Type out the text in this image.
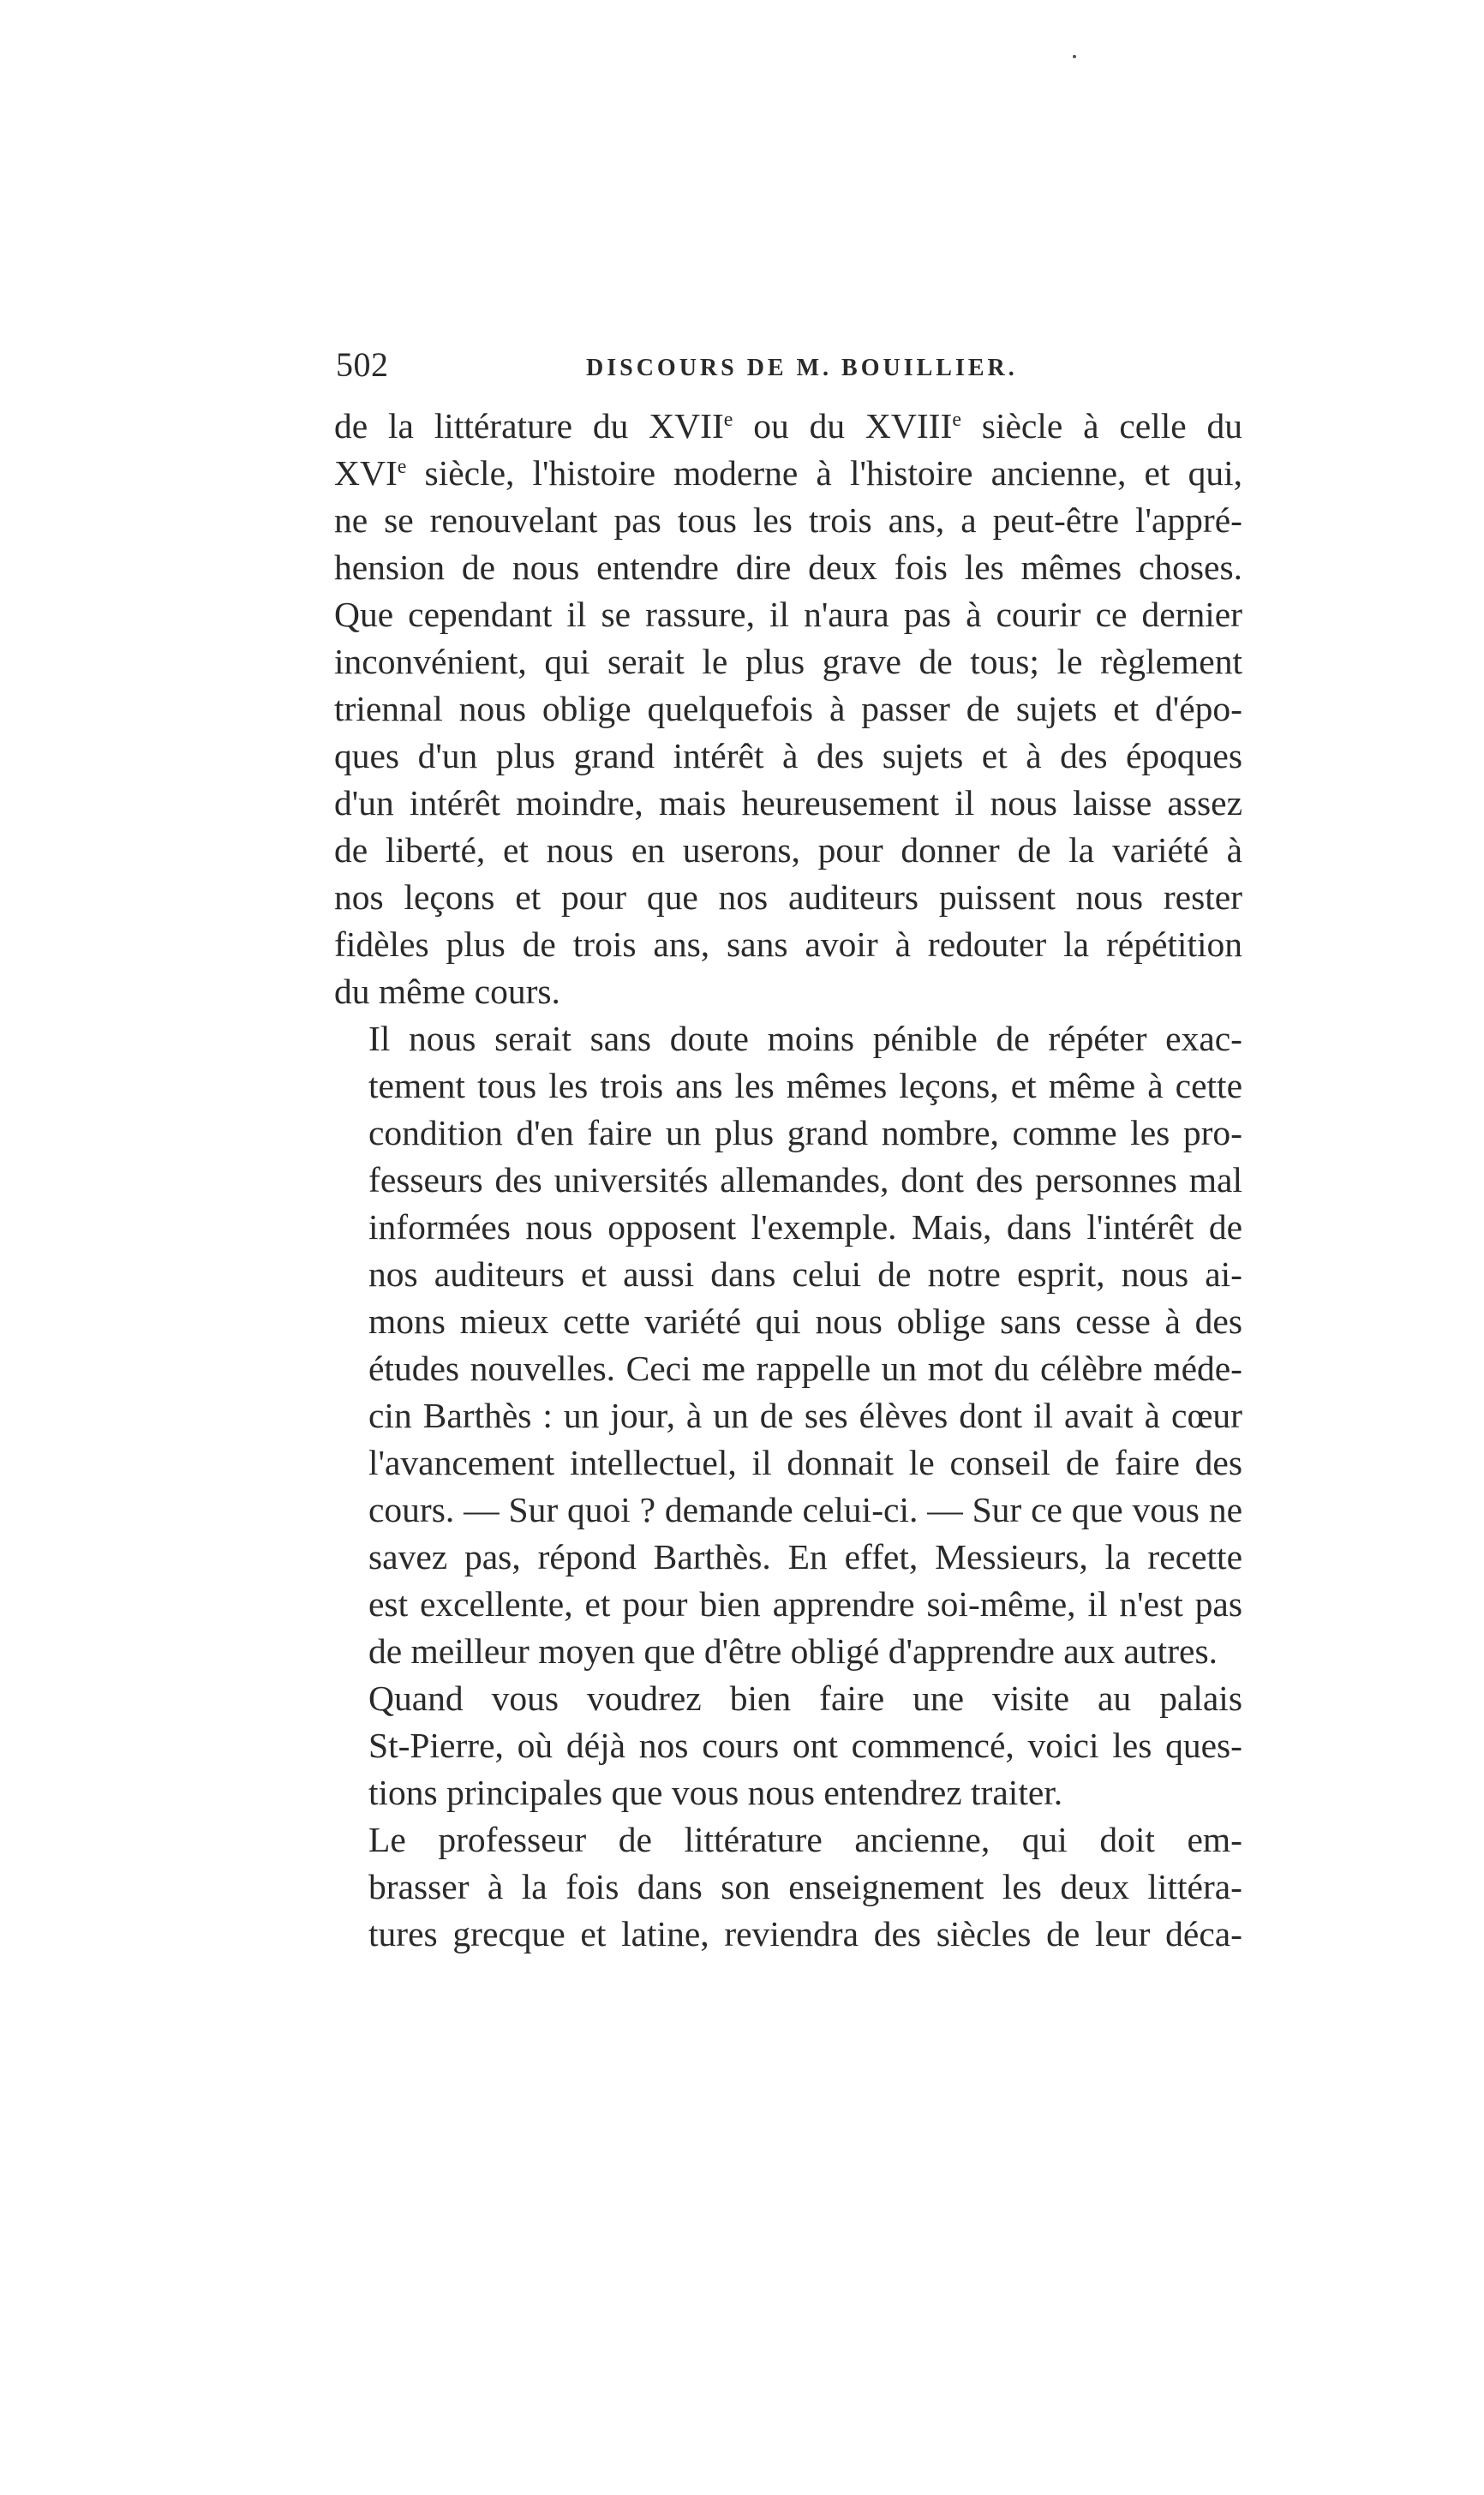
502	DISCOURS DE M. BOUILLIER.
de la littérature du XVIIe ou du XVIIIe siècle à celle du
XVIe siècle, l'histoire moderne à l'histoire ancienne, et qui,
ne se renouvelant pas tous les trois ans, a peut-être l'appré-
hension de nous entendre dire deux fois les mêmes choses.
Que cependant il se rassure, il n'aura pas à courir ce dernier
inconvénient, qui serait le plus grave de tous; le règlement
triennal nous oblige quelquefois à passer de sujets et d'épo-
ques d'un plus grand intérêt à des sujets et à des époques
d'un intérêt moindre, mais heureusement il nous laisse assez
de liberté, et nous en userons, pour donner de la variété à
nos leçons et pour que nos auditeurs puissent nous rester
fidèles plus de trois ans, sans avoir à redouter la répétition
du même cours.
Il nous serait sans doute moins pénible de répéter exac-
tement tous les trois ans les mêmes leçons, et même à cette
condition d'en faire un plus grand nombre, comme les pro-
fesseurs des universités allemandes, dont des personnes mal
informées nous opposent l'exemple. Mais, dans l'intérêt de
nos auditeurs et aussi dans celui de notre esprit, nous ai-
mons mieux cette variété qui nous oblige sans cesse à des
études nouvelles. Ceci me rappelle un mot du célèbre méde-
cin Barthès : un jour, à un de ses élèves dont il avait à cœur
l'avancement intellectuel, il donnait le conseil de faire des
cours. — Sur quoi ? demande celui-ci. — Sur ce que vous ne
savez pas, répond Barthès. En effet, Messieurs, la recette
est excellente, et pour bien apprendre soi-même, il n'est pas
de meilleur moyen que d'être obligé d'apprendre aux autres.
Quand vous voudrez bien faire une visite au palais
St-Pierre, où déjà nos cours ont commencé, voici les ques-
tions principales que vous nous entendrez traiter.
Le professeur de littérature ancienne, qui doit em-
brasser à la fois dans son enseignement les deux littéra-
tures grecque et latine, reviendra des siècles de leur déca-
